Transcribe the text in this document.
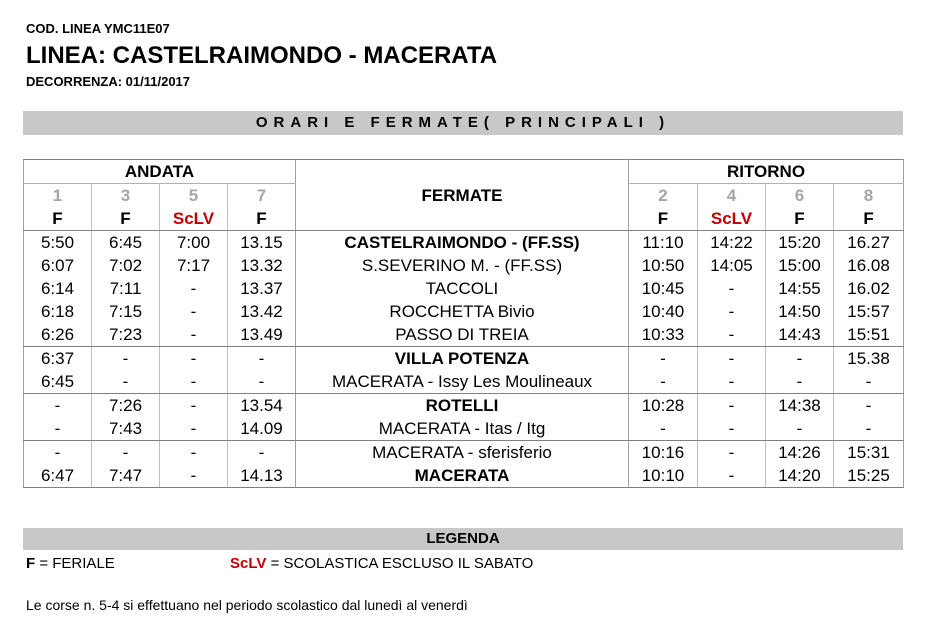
COD. LINEA YMC11E07
LINEA: CASTELRAIMONDO - MACERATA
DECORRENZA: 01/11/2017
ORARI E FERMATE( PRINCIPALI )
ANDATA				FERMATE	RITORNO			
1	3	5	7		2	4	6	8
F	F	ScLV	F		F	ScLV	F	F
5:50	6:45	7:00	13.15	CASTELRAIMONDO - (FF.SS)	11:10	14:22	15:20	16.27
6:07	7:02	7:17	13.32	S.SEVERINO M. - (FF.SS)	10:50	14:05	15:00	16.08
6:14	7:11	-	13.37	TACCOLI	10:45	-	14:55	16.02
6:18	7:15	-	13.42	ROCCHETTA Bivio	10:40	-	14:50	15:57
6:26	7:23	-	13.49	PASSO DI TREIA	10:33	-	14:43	15:51
6:37	-	-	-	VILLA POTENZA	-	-	-	15.38
6:45	-	-	-	MACERATA - Issy Les Moulineaux	-	-	-	-
-	7:26	-	13.54	ROTELLI	10:28	-	14:38	-
-	7:43	-	14.09	MACERATA - Itas / Itg	-	-	-	-
-	-	-	-	MACERATA - sferisferio	10:16	-	14:26	15:31
6:47	7:47	-	14.13	MACERATA	10:10	-	14:20	15:25
LEGENDA
F = FERIALE	ScLV = SCOLASTICA ESCLUSO IL SABATO
Le corse n. 5-4 si effettuano nel periodo scolastico dal lunedì al venerdì
